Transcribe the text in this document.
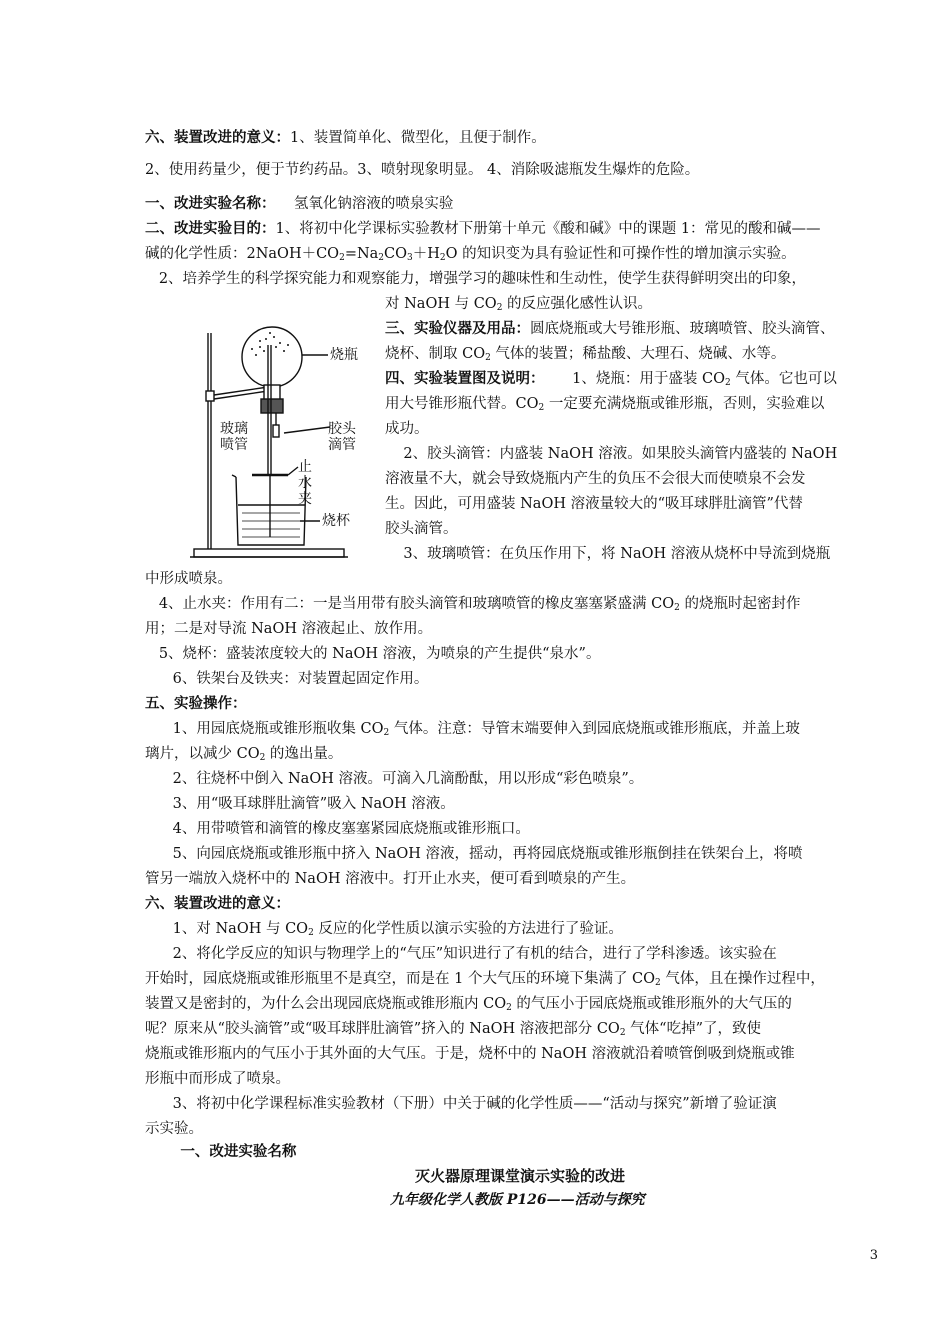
六、装置改进的意义：1、装置简单化、微型化，且便于制作。
2、使用药量少，便于节约药品。3、喷射现象明显。 4、消除吸滤瓶发生爆炸的危险。
一、改进实验名称：    氢氧化钠溶液的喷泉实验
二、改进实验目的：1、将初中化学课标实验教材下册第十单元《酸和碱》中的课题 1：常见的酸和碱——
碱的化学性质：$2NaOH+CO_2=Na_2CO_3+H_2O$ 的知识变为具有验证性和可操作性的增加演示实验。
2、培养学生的科学探究能力和观察能力，增强学习的趣味性和生动性，使学生获得鲜明突出的印象，
对 NaOH 与 $CO_2$ 的反应强化感性认识。
三、实验仪器及用品：圆底烧瓶或大号锥形瓶、玻璃喷管、胶头滴管、
烧杯、制取 $CO_2$ 气体的装置；稀盐酸、大理石、烧碱、水等。
四、实验装置图及说明：      1、烧瓶：用于盛装 $CO_2$ 气体。它也可以
用大号锥形瓶代替。$CO_2$ 一定要充满烧瓶或锥形瓶，否则，实验难以
成功。
2、胶头滴管：内盛装 NaOH 溶液。如果胶头滴管内盛装的 NaOH
溶液量不大，就会导致烧瓶内产生的负压不会很大而使喷泉不会发
生。因此，可用盛装 NaOH 溶液量较大的“吸耳球胖肚滴管”代替
胶头滴管。
3、玻璃喷管：在负压作用下，将 NaOH 溶液从烧杯中导流到烧瓶
中形成喷泉。
4、止水夹：作用有二：一是当用带有胶头滴管和玻璃喷管的橡皮塞塞紧盛满 $CO_2$ 的烧瓶时起密封作
用；二是对导流 NaOH 溶液起止、放作用。
5、烧杯：盛装浓度较大的 NaOH 溶液，为喷泉的产生提供“泉水”。
6、铁架台及铁夹：对装置起固定作用。
五、实验操作：
1、用园底烧瓶或锥形瓶收集 $CO_2$ 气体。注意：导管末端要伸入到园底烧瓶或锥形瓶底，并盖上玻
璃片，以减少 $CO_2$ 的逸出量。
2、往烧杯中倒入 NaOH 溶液。可滴入几滴酚酞，用以形成“彩色喷泉”。
3、用“吸耳球胖肚滴管”吸入 NaOH 溶液。
4、用带喷管和滴管的橡皮塞塞紧园底烧瓶或锥形瓶口。
5、向园底烧瓶或锥形瓶中挤入 NaOH 溶液，摇动，再将园底烧瓶或锥形瓶倒挂在铁架台上，将喷
管另一端放入烧杯中的 NaOH 溶液中。打开止水夹，便可看到喷泉的产生。
六、装置改进的意义：
1、对 NaOH 与 $CO_2$ 反应的化学性质以演示实验的方法进行了验证。
2、将化学反应的知识与物理学上的“气压”知识进行了有机的结合，进行了学科渗透。该实验在
开始时，园底烧瓶或锥形瓶里不是真空，而是在 1 个大气压的环境下集满了 $CO_2$ 气体，且在操作过程中，
装置又是密封的，为什么会出现园底烧瓶或锥形瓶内 $CO_2$ 的气压小于园底烧瓶或锥形瓶外的大气压的
呢？原来从“胶头滴管”或“吸耳球胖肚滴管”挤入的 NaOH 溶液把部分 $CO_2$ 气体“吃掉”了，致使
烧瓶或锥形瓶内的气压小于其外面的大气压。于是，烧杯中的 NaOH 溶液就沿着喷管倒吸到烧瓶或锥
形瓶中而形成了喷泉。
3、将初中化学课程标准实验教材（下册）中关于碱的化学性质——“活动与探究”新增了验证演
示实验。
一、改进实验名称
烧瓶
玻璃喷管
胶头滴管
止水夹
烧杯
灭火器原理课堂演示实验的改进
九年级化学人教版 P126——活动与探究
3
